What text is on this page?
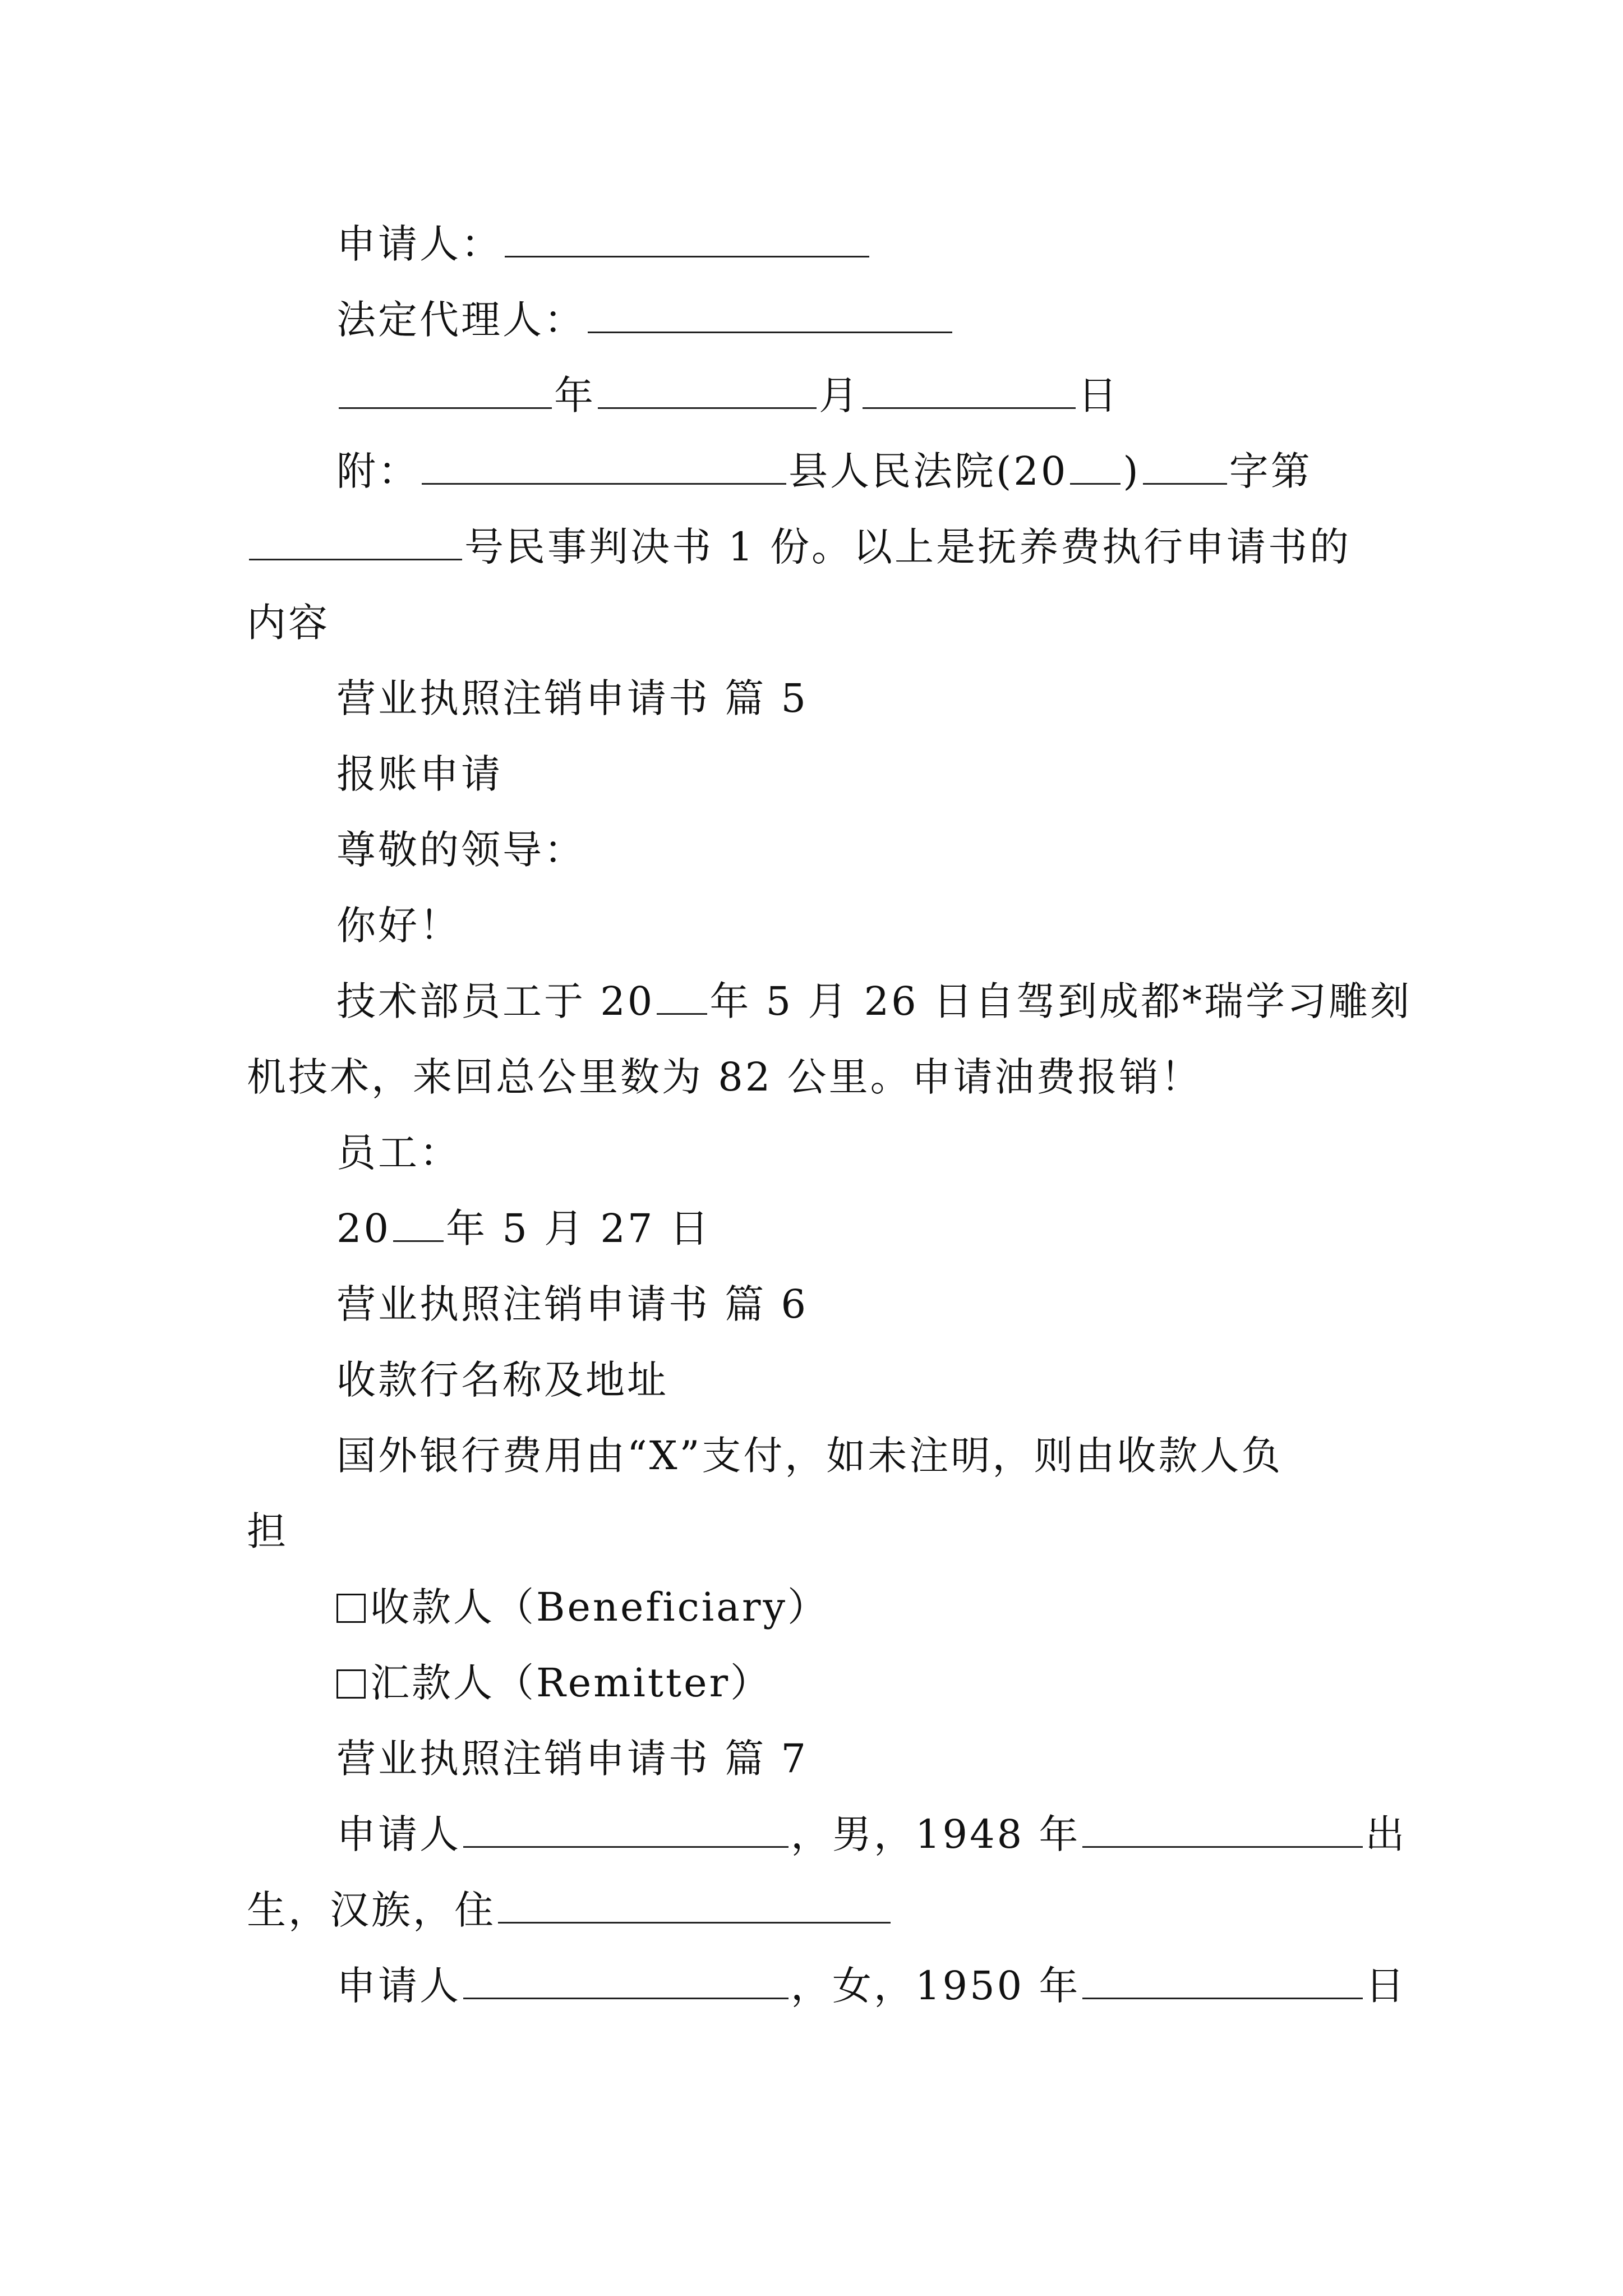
申请人：
法定代理人：
年	月	日
附：	县人民法院(20 ) 字第
号民事判决书 1 份。以上是抚养费执行申请书的
内容
营业执照注销申请书 篇 5
报账申请
尊敬的领导：
你好！
技术部员工于 20 年 5 月 26 日自驾到成都*瑞学习雕刻
机技术，来回总公里数为 82 公里。申请油费报销！
员工：
20 年 5 月 27 日
营业执照注销申请书 篇 6
收款行名称及地址
国外银行费用由“X”支付，如未注明，则由收款人负
担
收款人（Beneficiary）
汇款人（Remitter）
营业执照注销申请书 篇 7
申请人	，男，1948 年	出
生，汉族，住
申请人	，女，1950 年	日
